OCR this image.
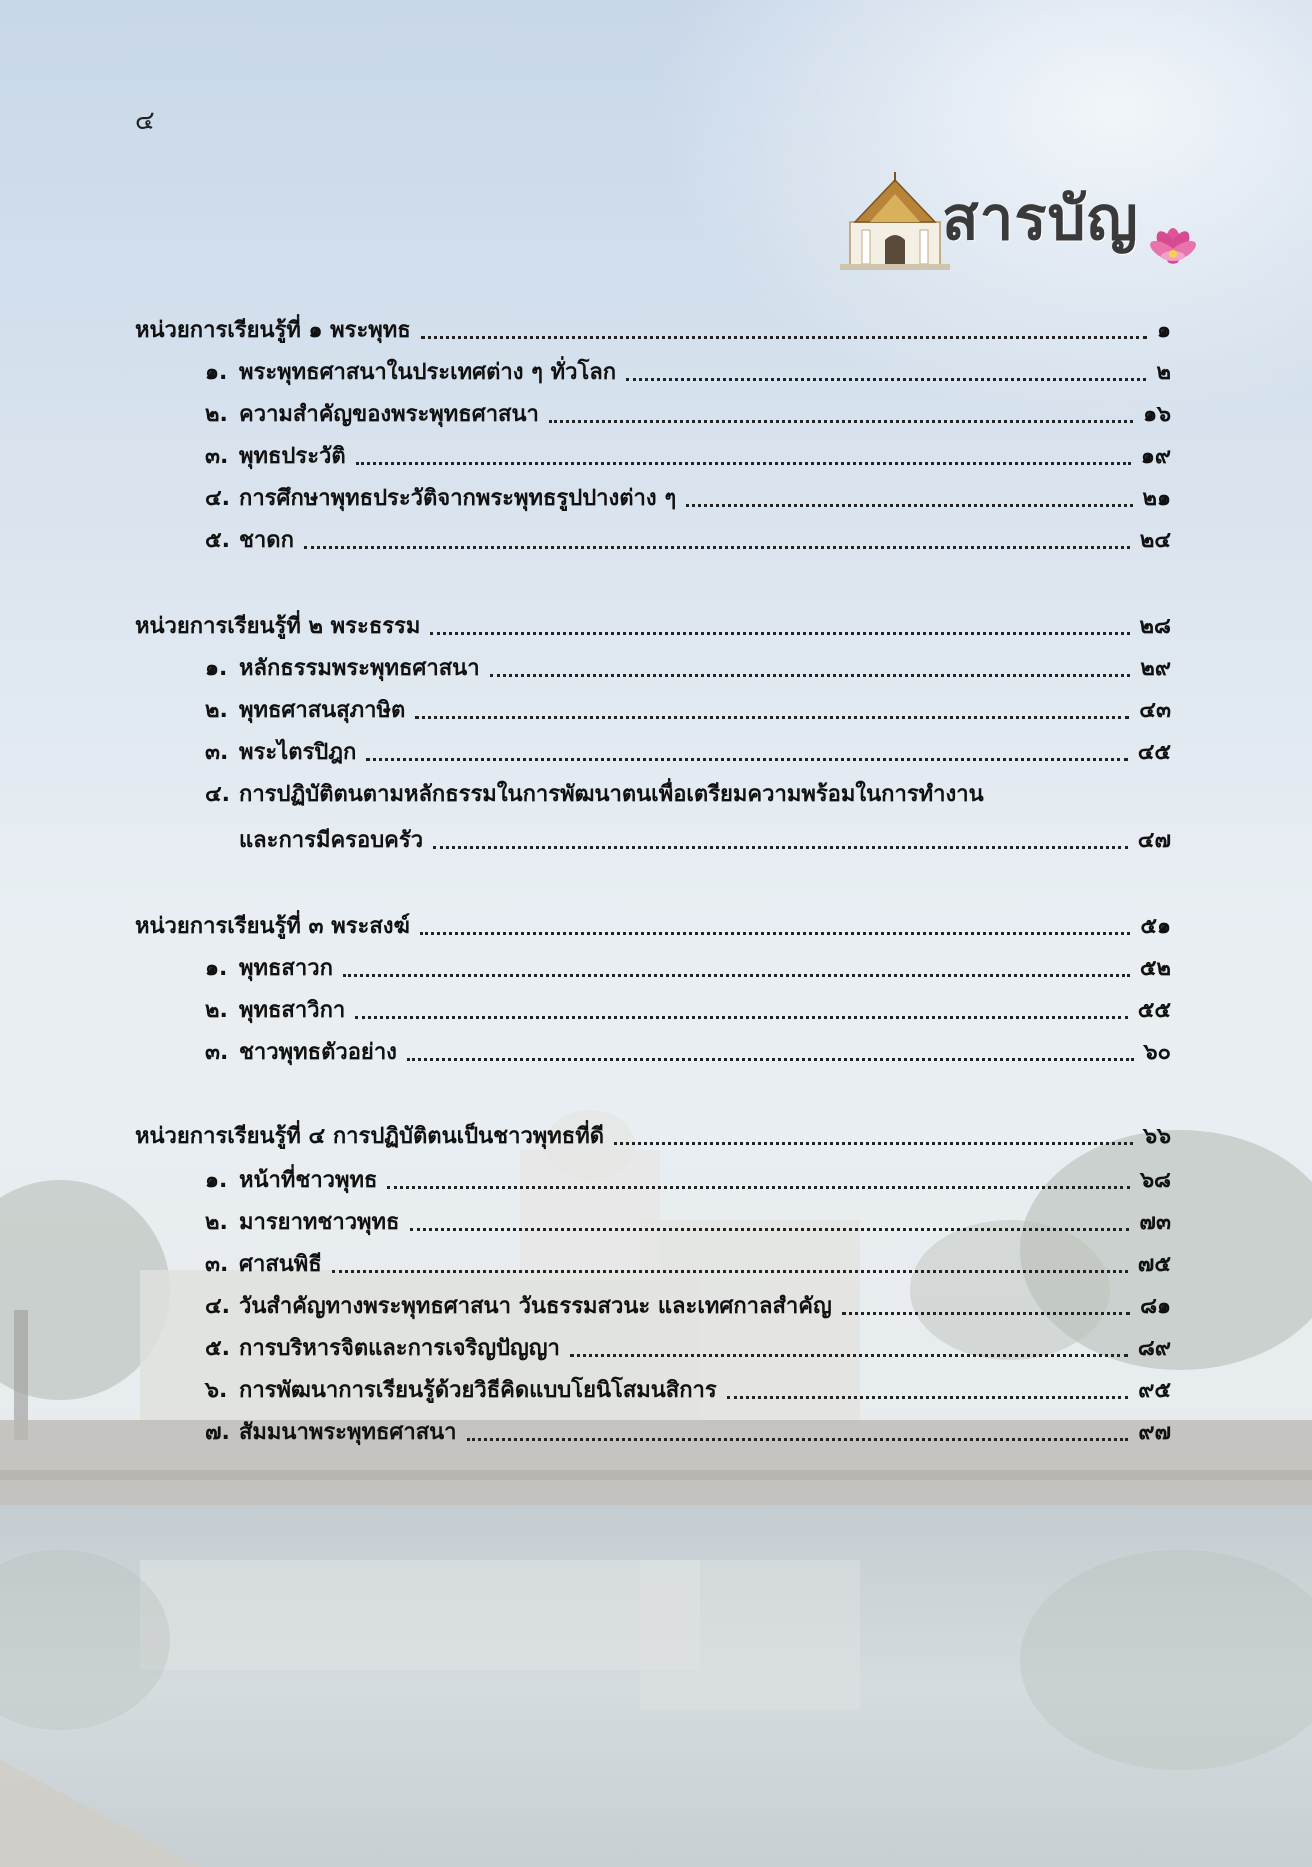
๔
สารบัญ
หน่วยการเรียนรู้ที่ ๑ พระพุทธ	๑
๑. พระพุทธศาสนาในประเทศต่าง ๆ ทั่วโลก	๒
๒. ความสำคัญของพระพุทธศาสนา	๑๖
๓. พุทธประวัติ	๑๙
๔. การศึกษาพุทธประวัติจากพระพุทธรูปปางต่าง ๆ	๒๑
๕. ชาดก	๒๔
หน่วยการเรียนรู้ที่ ๒ พระธรรม	๒๘
๑. หลักธรรมพระพุทธศาสนา	๒๙
๒. พุทธศาสนสุภาษิต	๔๓
๓. พระไตรปิฎก	๔๕
๔. การปฏิบัติตนตามหลักธรรมในการพัฒนาตนเพื่อเตรียมความพร้อมในการทำงาน
และการมีครอบครัว	๔๗
หน่วยการเรียนรู้ที่ ๓ พระสงฆ์	๕๑
๑. พุทธสาวก	๕๒
๒. พุทธสาวิกา	๕๕
๓. ชาวพุทธตัวอย่าง	๖๐
หน่วยการเรียนรู้ที่ ๔ การปฏิบัติตนเป็นชาวพุทธที่ดี	๖๖
๑. หน้าที่ชาวพุทธ	๖๘
๒. มารยาทชาวพุทธ	๗๓
๓. ศาสนพิธี	๗๕
๔. วันสำคัญทางพระพุทธศาสนา วันธรรมสวนะ และเทศกาลสำคัญ	๘๑
๕. การบริหารจิตและการเจริญปัญญา	๘๙
๖. การพัฒนาการเรียนรู้ด้วยวิธีคิดแบบโยนิโสมนสิการ	๙๕
๗. สัมมนาพระพุทธศาสนา	๙๗
